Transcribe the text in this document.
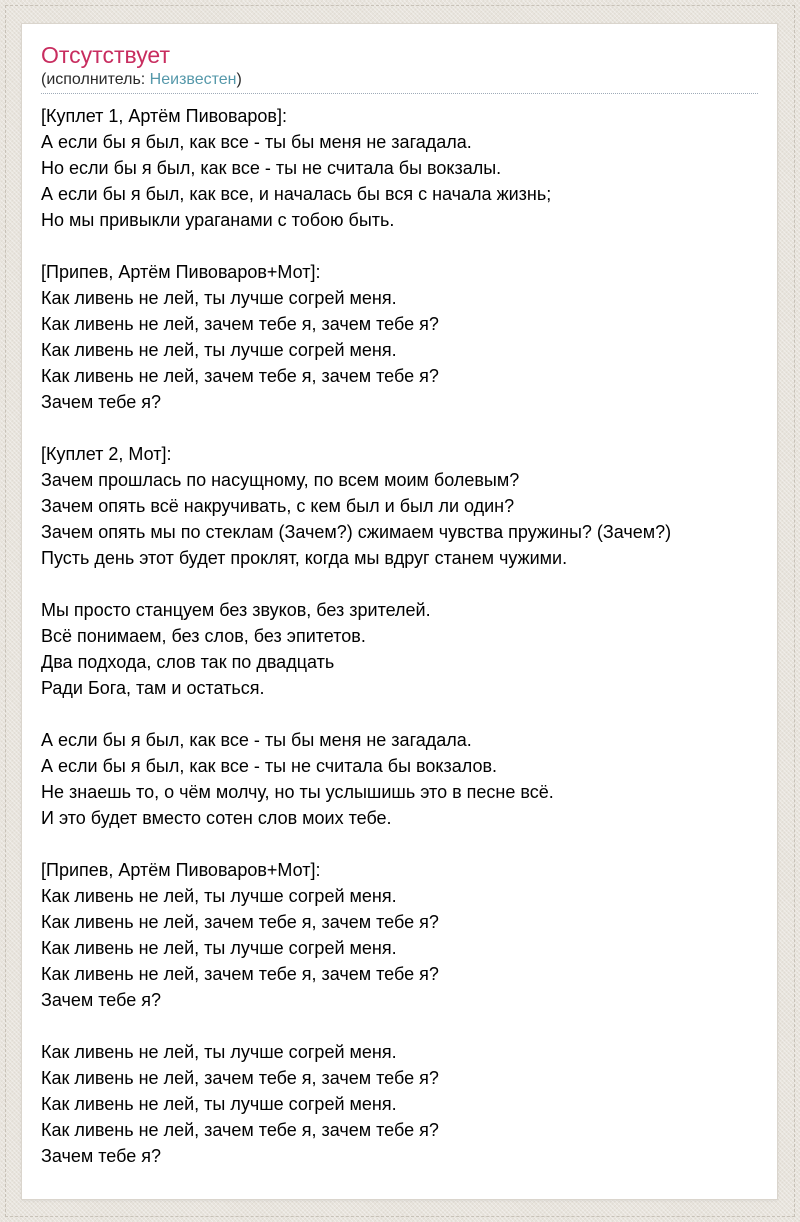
Отсутствует
(исполнитель: Неизвестен)

[Куплет 1, Артём Пивоваров]:
А если бы я был, как все - ты бы меня не загадала.
Но если бы я был, как все - ты не считала бы вокзалы.
А если бы я был, как все, и началась бы вся с начала жизнь;
Но мы привыкли ураганами с тобою быть.

[Припев, Артём Пивоваров+Мот]:
Как ливень не лей, ты лучше согрей меня.
Как ливень не лей, зачем тебе я, зачем тебе я?
Как ливень не лей, ты лучше согрей меня.
Как ливень не лей, зачем тебе я, зачем тебе я?
Зачем тебе я?

[Куплет 2, Мот]:
Зачем прошлась по насущному, по всем моим болевым?
Зачем опять всё накручивать, с кем был и был ли один?
Зачем опять мы по стеклам (Зачем?) сжимаем чувства пружины? (Зачем?)
Пусть день этот будет проклят, когда мы вдруг станем чужими.

Мы просто станцуем без звуков, без зрителей.
Всё понимаем, без слов, без эпитетов.
Два подхода, слов так по двадцать
Ради Бога, там и остаться.

А если бы я был, как все - ты бы меня не загадала.
А если бы я был, как все - ты не считала бы вокзалов.
Не знаешь то, о чём молчу, но ты услышишь это в песне всё.
И это будет вместо сотен слов моих тебе.

[Припев, Артём Пивоваров+Мот]:
Как ливень не лей, ты лучше согрей меня.
Как ливень не лей, зачем тебе я, зачем тебе я?
Как ливень не лей, ты лучше согрей меня.
Как ливень не лей, зачем тебе я, зачем тебе я?
Зачем тебе я?

Как ливень не лей, ты лучше согрей меня.
Как ливень не лей, зачем тебе я, зачем тебе я?
Как ливень не лей, ты лучше согрей меня.
Как ливень не лей, зачем тебе я, зачем тебе я?
Зачем тебе я?
